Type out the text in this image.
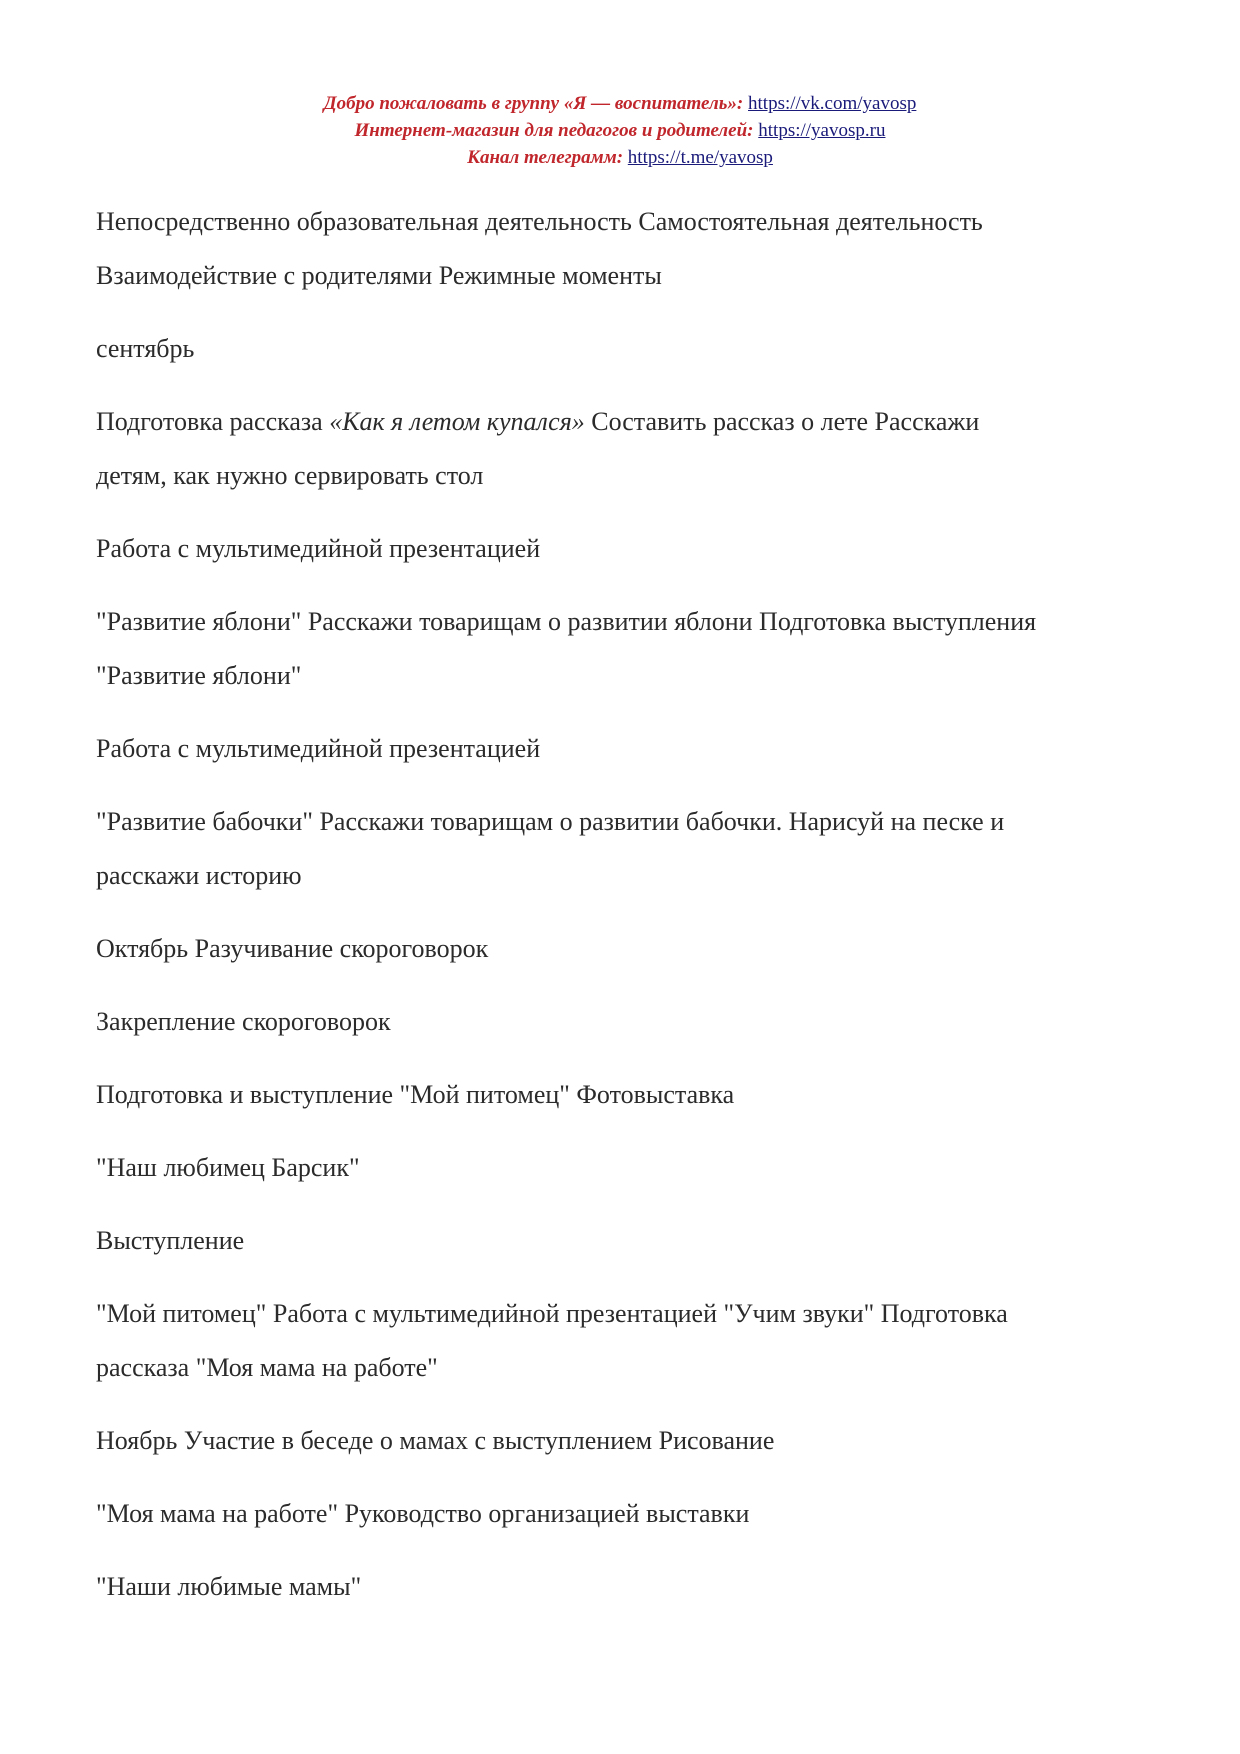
Добро пожаловать в группу «Я — воспитатель»: https://vk.com/yavosp
Интернет-магазин для педагогов и родителей: https://yavosp.ru
Канал телеграмм: https://t.me/yavosp

Непосредственно образовательная деятельность Самостоятельная деятельность
Взаимодействие с родителями Режимные моменты

сентябрь

Подготовка рассказа «Как я летом купался» Составить рассказ о лете Расскажи
детям, как нужно сервировать стол

Работа с мультимедийной презентацией

"Развитие яблони" Расскажи товарищам о развитии яблони Подготовка выступления
"Развитие яблони"

Работа с мультимедийной презентацией

"Развитие бабочки" Расскажи товарищам о развитии бабочки. Нарисуй на песке и
расскажи историю

Октябрь Разучивание скороговорок

Закрепление скороговорок

Подготовка и выступление "Мой питомец" Фотовыставка

"Наш любимец Барсик"

Выступление

"Мой питомец" Работа с мультимедийной презентацией "Учим звуки" Подготовка
рассказа "Моя мама на работе"

Ноябрь Участие в беседе о мамах с выступлением Рисование

"Моя мама на работе" Руководство организацией выставки

"Наши любимые мамы"
